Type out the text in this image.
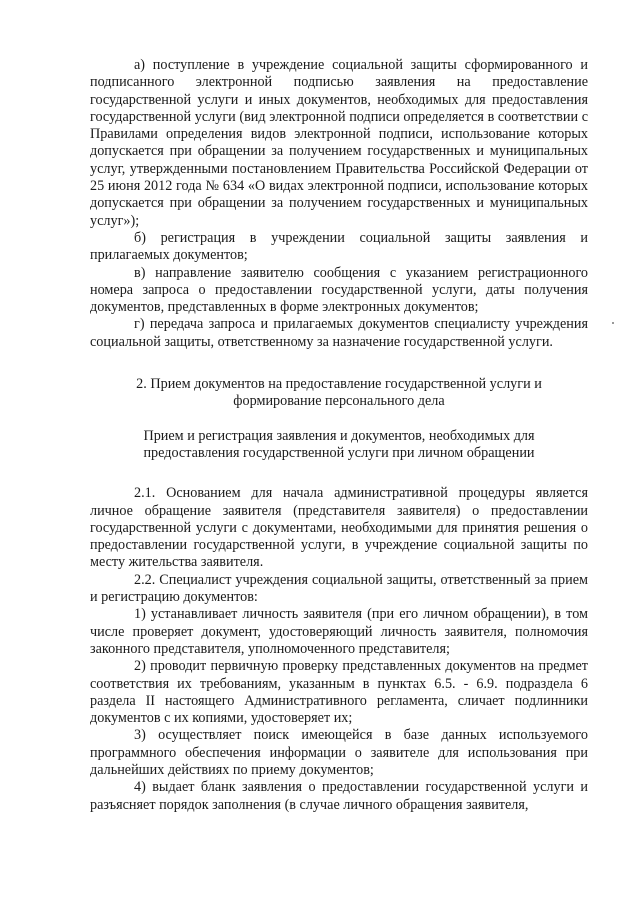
а) поступление в учреждение социальной защиты сформированного и подписанного электронной подписью заявления на предоставление государственной услуги и иных документов, необходимых для предоставления государственной услуги (вид электронной подписи определяется в соответствии с Правилами определения видов электронной подписи, использование которых допускается при обращении за получением государственных и муниципальных услуг, утвержденными постановлением Правительства Российской Федерации от 25 июня 2012 года № 634 «О видах электронной подписи, использование которых допускается при обращении за получением государственных и муниципальных услуг»);

б) регистрация в учреждении социальной защиты заявления и прилагаемых документов;

в) направление заявителю сообщения с указанием регистрационного номера запроса о предоставлении государственной услуги, даты получения документов, представленных в форме электронных документов;

г) передача запроса и прилагаемых документов специалисту учреждения социальной защиты, ответственному за назначение государственной услуги.

2. Прием документов на предоставление государственной услуги и

формирование персонального дела

Прием и регистрация заявления и документов, необходимых для

предоставления государственной услуги при личном обращении

2.1. Основанием для начала административной процедуры является личное обращение заявителя (представителя заявителя) о предоставлении государственной услуги с документами, необходимыми для принятия решения о предоставлении государственной услуги, в учреждение социальной защиты по месту жительства заявителя.

2.2. Специалист учреждения социальной защиты, ответственный за прием и регистрацию документов:

1) устанавливает личность заявителя (при его личном обращении), в том числе проверяет документ, удостоверяющий личность заявителя, полномочия законного представителя, уполномоченного представителя;

2) проводит первичную проверку представленных документов на предмет соответствия их требованиям, указанным в пунктах 6.5. - 6.9. подраздела 6 раздела II настоящего Административного регламента, сличает подлинники документов с их копиями, удостоверяет их;

3) осуществляет поиск имеющейся в базе данных используемого программного обеспечения информации о заявителе для использования при дальнейших действиях по приему документов;

4) выдает бланк заявления о предоставлении государственной услуги и разъясняет порядок заполнения (в случае личного обращения заявителя,
